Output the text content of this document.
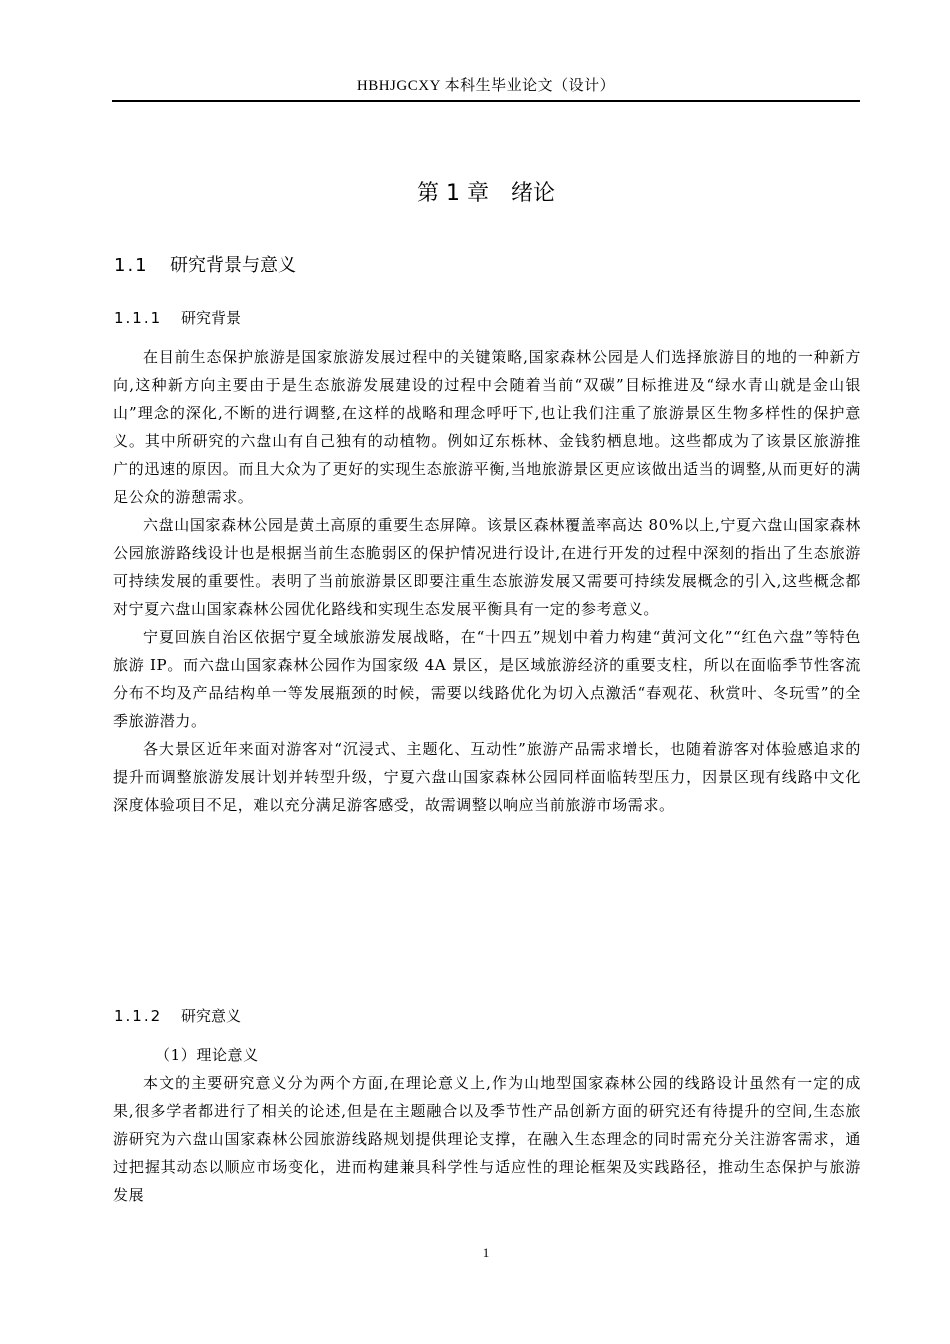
HBHJGCXY 本科生毕业论文（设计）
第 1 章 绪论
1.1 研究背景与意义
1.1.1 研究背景

在目前生态保护旅游是国家旅游发展过程中的关键策略,国家森林公园是人们选择旅游目的地的一种新方向,这种新方向主要由于是生态旅游发展建设的过程中会随着当前“双碳”目标推进及“绿水青山就是金山银山”理念的深化,不断的进行调整,在这样的战略和理念呼吁下,也让我们注重了旅游景区生物多样性的保护意义。其中所研究的六盘山有自己独有的动植物。例如辽东栎林、金钱豹栖息地。这些都成为了该景区旅游推广的迅速的原因。而且大众为了更好的实现生态旅游平衡,当地旅游景区更应该做出适当的调整,从而更好的满足公众的游憩需求。

六盘山国家森林公园是黄土高原的重要生态屏障。该景区森林覆盖率高达 80%以上,宁夏六盘山国家森林公园旅游路线设计也是根据当前生态脆弱区的保护情况进行设计,在进行开发的过程中深刻的指出了生态旅游可持续发展的重要性。表明了当前旅游景区即要注重生态旅游发展又需要可持续发展概念的引入,这些概念都对宁夏六盘山国家森林公园优化路线和实现生态发展平衡具有一定的参考意义。

宁夏回族自治区依据宁夏全域旅游发展战略，在“十四五”规划中着力构建“黄河文化”“红色六盘”等特色旅游 IP。而六盘山国家森林公园作为国家级 4A 景区，是区域旅游经济的重要支柱，所以在面临季节性客流分布不均及产品结构单一等发展瓶颈的时候，需要以线路优化为切入点激活“春观花、秋赏叶、冬玩雪”的全季旅游潜力。

各大景区近年来面对游客对“沉浸式、主题化、互动性”旅游产品需求增长，也随着游客对体验感追求的提升而调整旅游发展计划并转型升级，宁夏六盘山国家森林公园同样面临转型压力，因景区现有线路中文化深度体验项目不足，难以充分满足游客感受，故需调整以响应当前旅游市场需求。

1.1.2 研究意义
（1）理论意义

本文的主要研究意义分为两个方面,在理论意义上,作为山地型国家森林公园的线路设计虽然有一定的成果,很多学者都进行了相关的论述,但是在主题融合以及季节性产品创新方面的研究还有待提升的空间,生态旅游研究为六盘山国家森林公园旅游线路规划提供理论支撑，在融入生态理念的同时需充分关注游客需求，通过把握其动态以顺应市场变化，进而构建兼具科学性与适应性的理论框架及实践路径，推动生态保护与旅游发展

1
